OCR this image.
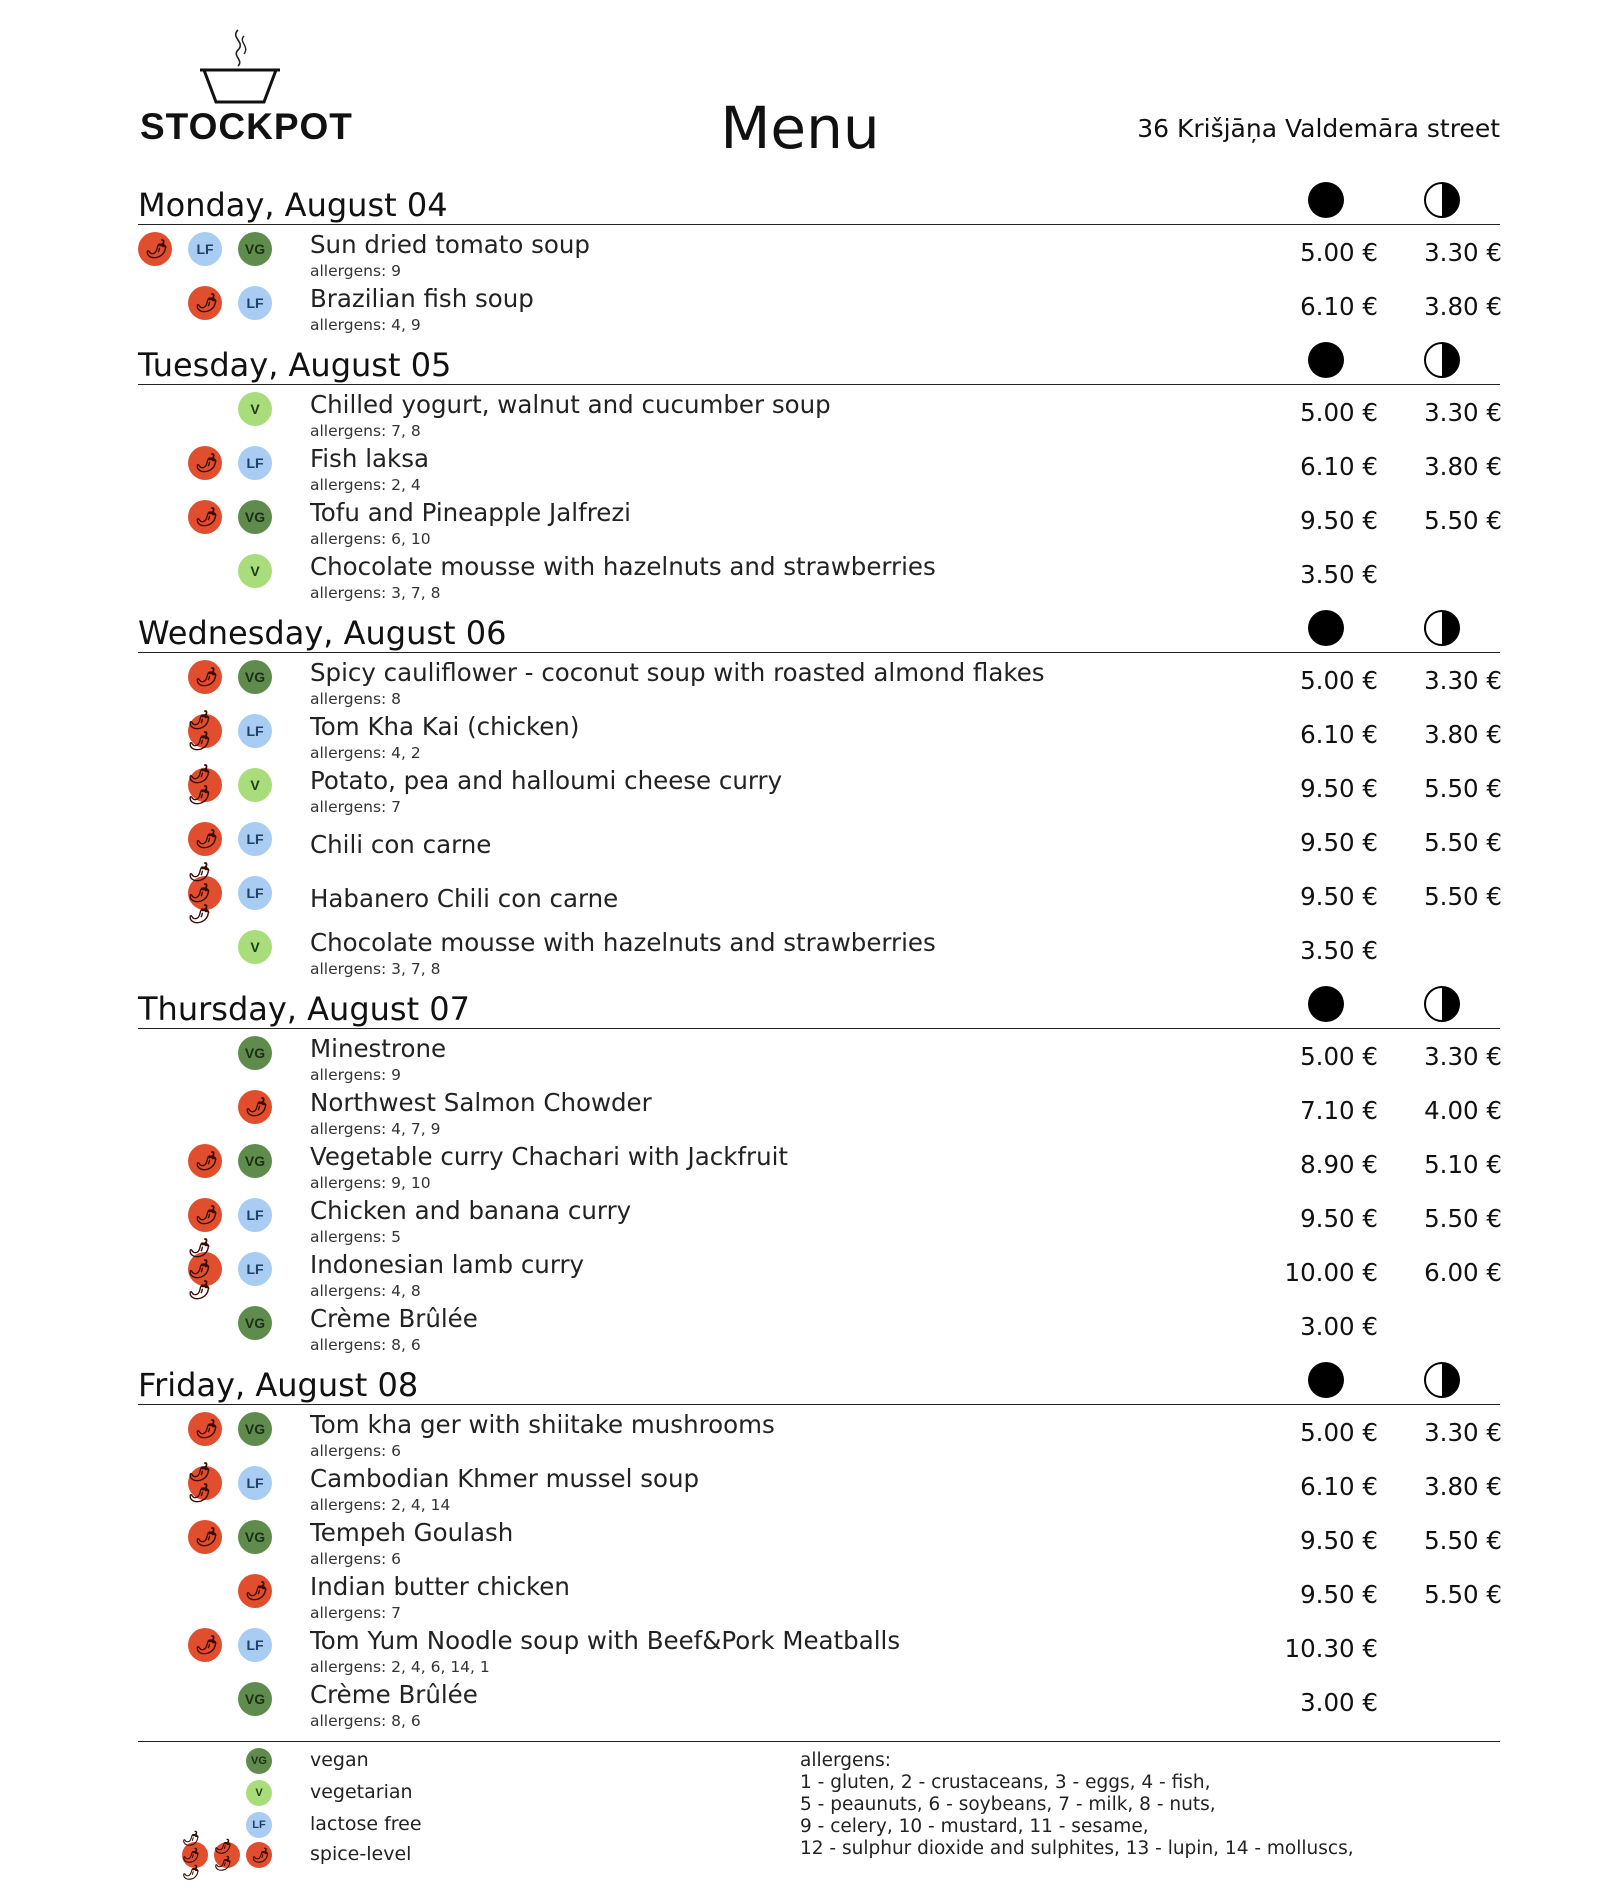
STOCKPOT	Menu	36 Krišjāņa Valdemāra street
Monday, August 04
VG
LF
🌶	Sun dried tomato soup
allergens: 9
5.00 € 3.30 €
LF
🌶	Brazilian fish soup
allergens: 4, 9
6.10 € 3.80 €
Tuesday, August 05
V	Chilled yogurt, walnut and cucumber soup
allergens: 7, 8
5.00 € 3.30 €
LF
🌶	Fish laksa
allergens: 2, 4
6.10 € 3.80 €
VG
🌶	Tofu and Pineapple Jalfrezi
allergens: 6, 10
9.50 € 5.50 €
V	Chocolate mousse with hazelnuts and strawberries
allergens: 3, 7, 8
3.50 €
Wednesday, August 06
VG
🌶	Spicy cauliflower - coconut soup with roasted almond flakes
allergens: 8
5.00 € 3.30 €
LF
🌶🌶	Tom Kha Kai (chicken)
allergens: 4, 2
6.10 € 3.80 €
V
🌶🌶	Potato, pea and halloumi cheese curry
allergens: 7
9.50 € 5.50 €
LF
🌶	Chili con carne	9.50 € 5.50 €
LF
🌶🌶🌶
Habanero Chili con carne	9.50 € 5.50 €
V	Chocolate mousse with hazelnuts and strawberries
allergens: 3, 7, 8
3.50 €
Thursday, August 07
VG Minestrone
allergens: 9
5.00 € 3.30 €
🌶 Northwest Salmon Chowder
allergens: 4, 7, 9
7.10 € 4.00 €
VG
🌶	Vegetable curry Chachari with Jackfruit
allergens: 9, 10
8.90 € 5.10 €
LF
🌶	Chicken and banana curry
allergens: 5
9.50 € 5.50 €
LF
🌶🌶🌶
Indonesian lamb curry
allergens: 4, 8
10.00 € 6.00 €
VG Crème Brûlée
allergens: 8, 6
3.00 €
Friday, August 08
VG
🌶	Tom kha ger with shiitake mushrooms
allergens: 6
5.00 € 3.30 €
LF
🌶🌶	Cambodian Khmer mussel soup
allergens: 2, 4, 14
6.10 € 3.80 €
VG
🌶	Tempeh Goulash
allergens: 6
9.50 € 5.50 €
🌶 Indian butter chicken
allergens: 7
9.50 € 5.50 €
LF
🌶	Tom Yum Noodle soup with Beef&Pork Meatballs
allergens: 2, 4, 6, 14, 1
10.30 €
VG Crème Brûlée
allergens: 8, 6
3.00 €
VG vegan
V	vegetarian
LF	lactose free
🌶🌶🌶
🌶🌶
🌶 spice-level
allergens:
1 - gluten, 2 - crustaceans, 3 - eggs, 4 - fish,
5 - peaunuts, 6 - soybeans, 7 - milk, 8 - nuts,
9 - celery, 10 - mustard, 11 - sesame,
12 - sulphur dioxide and sulphites, 13 - lupin, 14 - molluscs,
